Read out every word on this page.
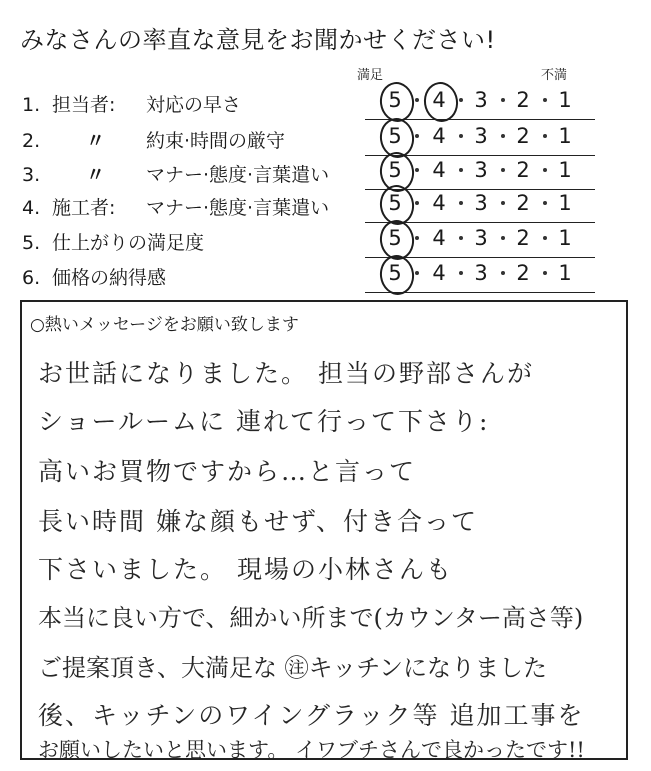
みなさんの率直な意見をお聞かせください!
満足	不満
1. 担当者: 対応の早さ	5 4 3 2 1
2. 〃 約束·時間の厳守	5 4 3 2 1
3. 〃 マナー·態度·言葉遣い	5 4 3 2 1
4. 施工者: マナー·態度·言葉遣い	5 4 3 2 1
5. 仕上がりの満足度	5 4 3 2 1
6. 価格の納得感	5 4 3 2 1
○熱いメッセージをお願い致します
お世話になりました。 担当の野部さんが
ショールームに 連れて行って下さり:
高いお買物ですから…と言って
長い時間 嫌な顔もせず、付き合って
下さいました。 現場の小林さんも
本当に良い方で、細かい所まで(カウンター高さ等)
ご提案頂き、大満足な ㊟キッチンになりました
後、キッチンのワイングラック等 追加工事を
お願いしたいと思います。 イワブチさんで良かったです!!
